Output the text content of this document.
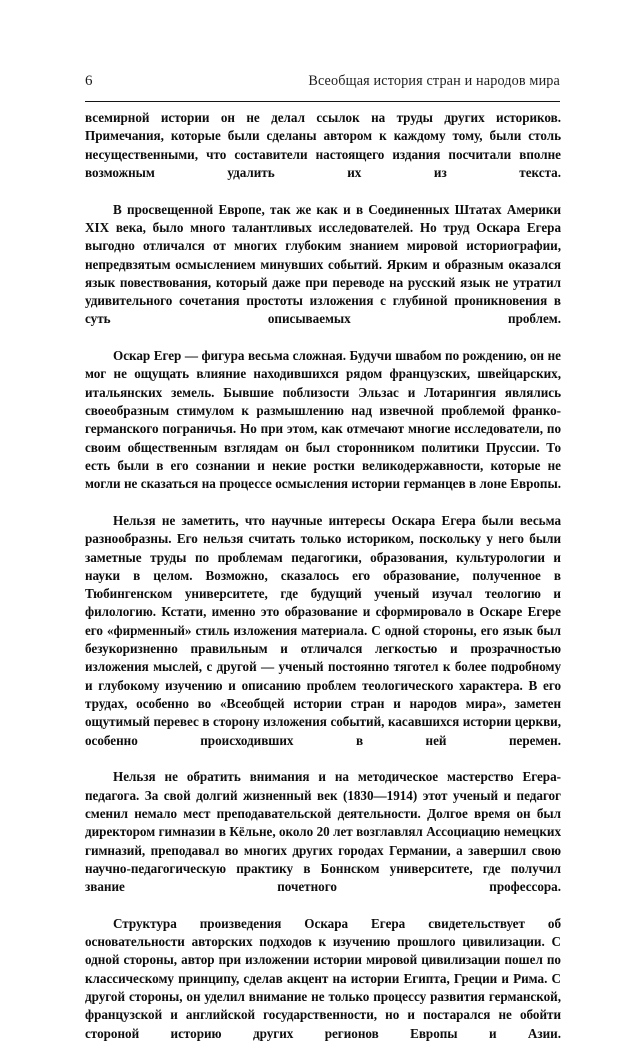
6	Всеобщая история стран и народов мира

всемирной истории он не делал ссылок на труды других историков. Примечания, которые были сделаны автором к каждому тому, были столь несущественными, что составители настоящего издания посчитали вполне возможным удалить их из текста.

В просвещенной Европе, так же как и в Соединенных Штатах Америки XIX века, было много талантливых исследователей. Но труд Оскара Егера выгодно отличался от многих глубоким знанием мировой историографии, непредвзятым осмыслением минувших событий. Ярким и образным оказался язык повествования, который даже при переводе на русский язык не утратил удивительного сочетания простоты изложения с глубиной проникновения в суть описываемых проблем.

Оскар Егер — фигура весьма сложная. Будучи швабом по рождению, он не мог не ощущать влияние находившихся рядом французских, швейцарских, итальянских земель. Бывшие поблизости Эльзас и Лотарингия являлись своеобразным стимулом к размышлению над извечной проблемой франко-германского пограничья. Но при этом, как отмечают многие исследователи, по своим общественным взглядам он был сторонником политики Пруссии. То есть были в его сознании и некие ростки великодержавности, которые не могли не сказаться на процессе осмысления истории германцев в лоне Европы.

Нельзя не заметить, что научные интересы Оскара Егера были весьма разнообразны. Его нельзя считать только историком, поскольку у него были заметные труды по проблемам педагогики, образования, культурологии и науки в целом. Возможно, сказалось его образование, полученное в Тюбингенском университете, где будущий ученый изучал теологию и филологию. Кстати, именно это образование и сформировало в Оскаре Егере его «фирменный» стиль изложения материала. С одной стороны, его язык был безукоризненно правильным и отличался легкостью и прозрачностью изложения мыслей, с другой — ученый постоянно тяготел к более подробному и глубокому изучению и описанию проблем теологического характера. В его трудах, особенно во «Всеобщей истории стран и народов мира», заметен ощутимый перевес в сторону изложения событий, касавшихся истории церкви, особенно происходивших в ней перемен.

Нельзя не обратить внимания и на методическое мастерство Егера-педагога. За свой долгий жизненный век (1830—1914) этот ученый и педагог сменил немало мест преподавательской деятельности. Долгое время он был директором гимназии в Кёльне, около 20 лет возглавлял Ассоциацию немецких гимназий, преподавал во многих других городах Германии, а завершил свою научно-педагогическую практику в Боннском университете, где получил звание почетного профессора.

Структура произведения Оскара Егера свидетельствует об основательности авторских подходов к изучению прошлого цивилизации. С одной стороны, автор при изложении истории мировой цивилизации пошел по классическому принципу, сделав акцент на истории Египта, Греции и Рима. С другой стороны, он уделил внимание не только процессу развития германской, французской и английской государственности, но и постарался не обойти стороной историю других регионов Европы и Азии.
